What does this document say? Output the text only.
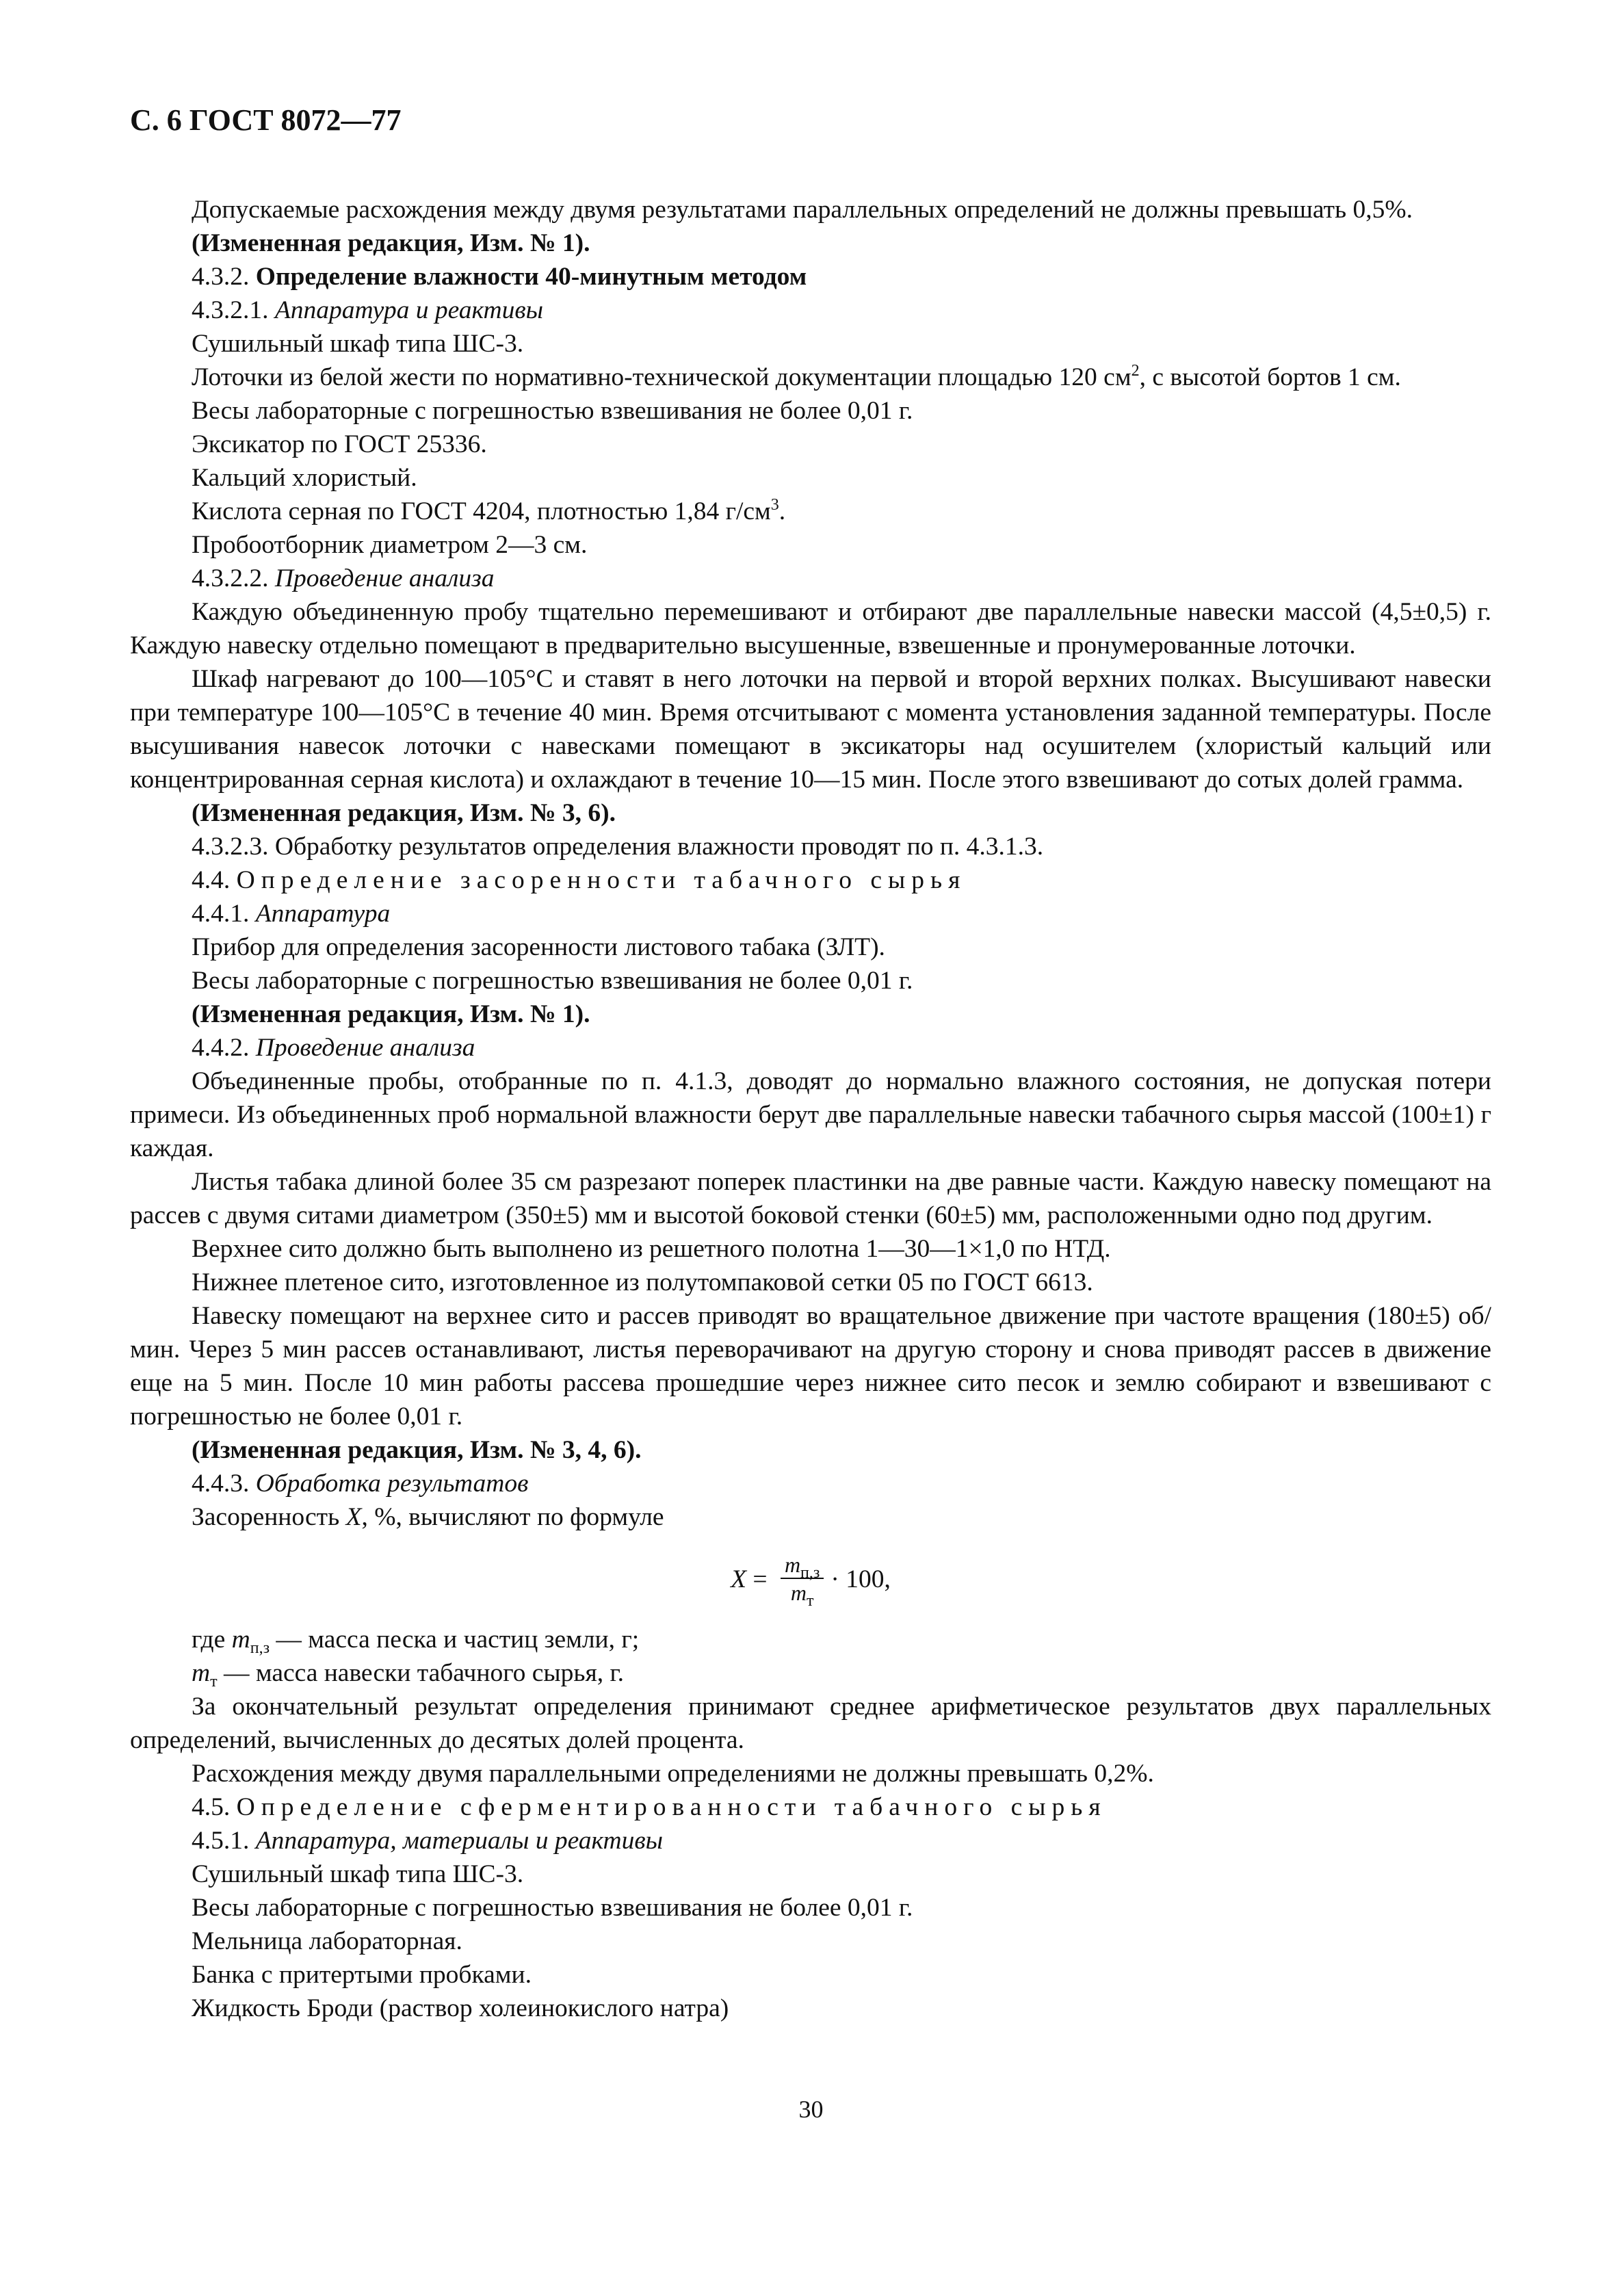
С. 6 ГОСТ 8072—77

Допускаемые расхождения между двумя результатами параллельных определений не должны превышать 0,5%.

(Измененная редакция, Изм. № 1).

4.3.2. Определение влажности 40-минутным методом

4.3.2.1. Аппаратура и реактивы

Сушильный шкаф типа ШС-3.

Лоточки из белой жести по нормативно-технической документации площадью 120 $см^2$, с высотой бортов 1 см.

Весы лабораторные с погрешностью взвешивания не более 0,01 г.

Эксикатор по ГОСТ 25336.

Кальций хлористый.

Кислота серная по ГОСТ 4204, плотностью 1,84 $г/см^3$.

Пробоотборник диаметром 2—3 см.

4.3.2.2. Проведение анализа

Каждую объединенную пробу тщательно перемешивают и отбирают две параллельные навески массой (4,5±0,5) г. Каждую навеску отдельно помещают в предварительно высушенные, взвешенные и пронумерованные лоточки.

Шкаф нагревают до 100—105°С и ставят в него лоточки на первой и второй верхних полках. Высушивают навески при температуре 100—105°С в течение 40 мин. Время отсчитывают с момента установления заданной температуры. После высушивания навесок лоточки с навесками помещают в эксикаторы над осушителем (хлористый кальций или концентрированная серная кислота) и охлаждают в течение 10—15 мин. После этого взвешивают до сотых долей грамма.

(Измененная редакция, Изм. № 3, 6).

4.3.2.3. Обработку результатов определения влажности проводят по п. 4.3.1.3.

4.4. Определение засоренности табачного сырья

4.4.1. Аппаратура

Прибор для определения засоренности листового табака (ЗЛТ).

Весы лабораторные с погрешностью взвешивания не более 0,01 г.

(Измененная редакция, Изм. № 1).

4.4.2. Проведение анализа

Объединенные пробы, отобранные по п. 4.1.3, доводят до нормально влажного состояния, не допуская потери примеси. Из объединенных проб нормальной влажности берут две параллельные навески табачного сырья массой (100±1) г каждая.

Листья табака длиной более 35 см разрезают поперек пластинки на две равные части. Каждую навеску помещают на рассев с двумя ситами диаметром (350±5) мм и высотой боковой стенки (60±5) мм, расположенными одно под другим.

Верхнее сито должно быть выполнено из решетного полотна 1—30—1×1,0 по НТД.

Нижнее плетеное сито, изготовленное из полутомпаковой сетки 05 по ГОСТ 6613.

Навеску помещают на верхнее сито и рассев приводят во вращательное движение при частоте вращения (180±5) об/мин. Через 5 мин рассев останавливают, листья переворачивают на другую сторону и снова приводят рассев в движение еще на 5 мин. После 10 мин работы рассева прошедшие через нижнее сито песок и землю собирают и взвешивают с погрешностью не более 0,01 г.

(Измененная редакция, Изм. № 3, 4, 6).

4.4.3. Обработка результатов

Засоренность X, %, вычисляют по формуле

$X = \frac{m_{п,з}}{m_т} \cdot 100$,

где $m_{п,з}$ — масса песка и частиц земли, г;

$m_т$ — масса навески табачного сырья, г.

За окончательный результат определения принимают среднее арифметическое результатов двух параллельных определений, вычисленных до десятых долей процента.

Расхождения между двумя параллельными определениями не должны превышать 0,2%.

4.5. Определение сферментированности табачного сырья

4.5.1. Аппаратура, материалы и реактивы

Сушильный шкаф типа ШС-3.

Весы лабораторные с погрешностью взвешивания не более 0,01 г.

Мельница лабораторная.

Банка с притертыми пробками.

Жидкость Броди (раствор холеинокислого натра)

30
